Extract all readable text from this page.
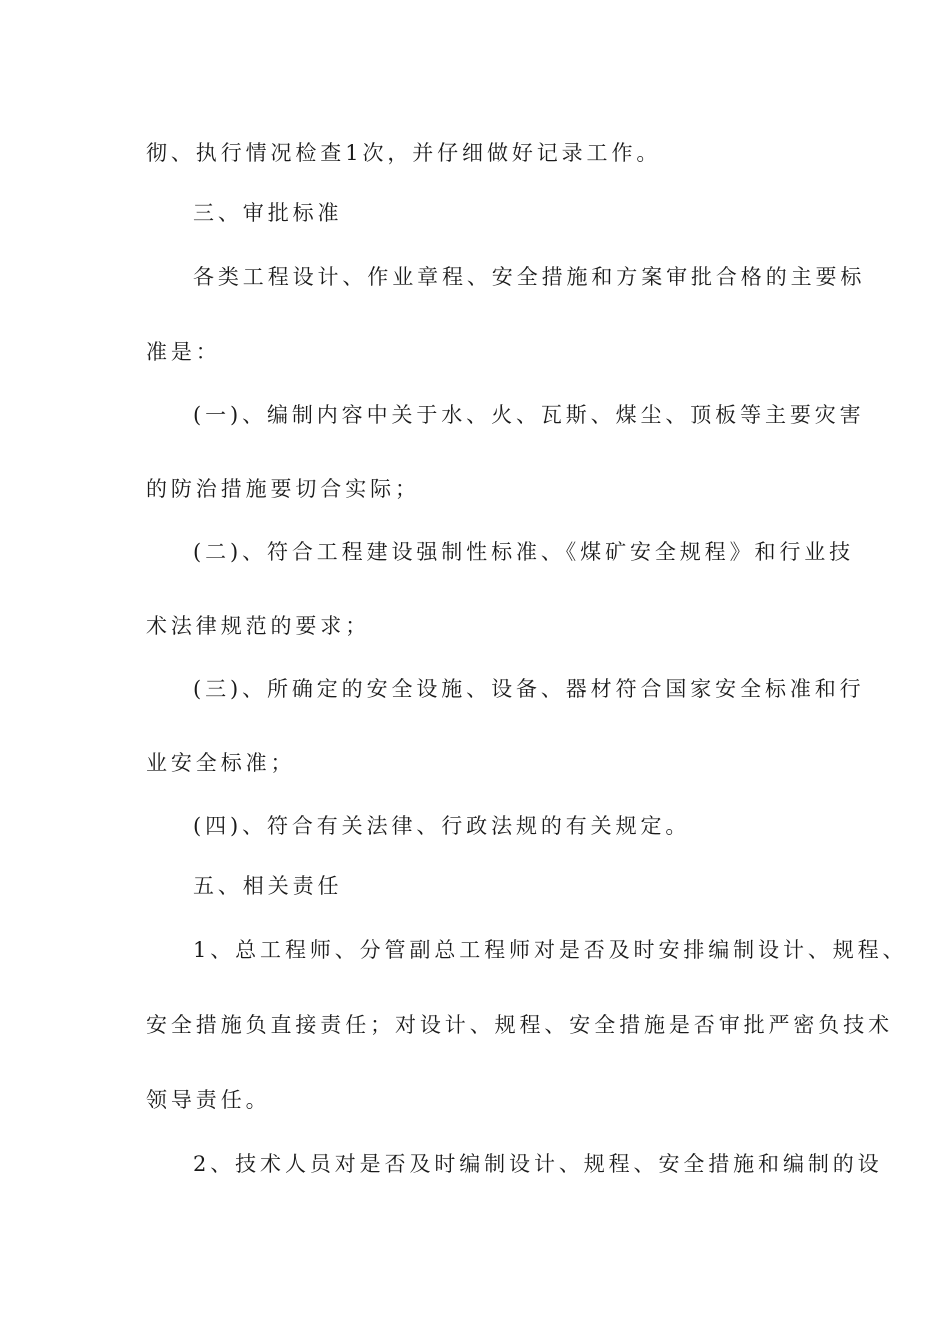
彻、执行情况检查1次，并仔细做好记录工作。
三、审批标准
各类工程设计、作业章程、安全措施和方案审批合格的主要标
准是：
(一)、编制内容中关于水、火、瓦斯、煤尘、顶板等主要灾害
的防治措施要切合实际；
(二)、符合工程建设强制性标准、《煤矿安全规程》和行业技
术法律规范的要求；
(三)、所确定的安全设施、设备、器材符合国家安全标准和行
业安全标准；
(四)、符合有关法律、行政法规的有关规定。
五、相关责任
1、总工程师、分管副总工程师对是否及时安排编制设计、规程、
安全措施负直接责任；对设计、规程、安全措施是否审批严密负技术
领导责任。
2、技术人员对是否及时编制设计、规程、安全措施和编制的设
